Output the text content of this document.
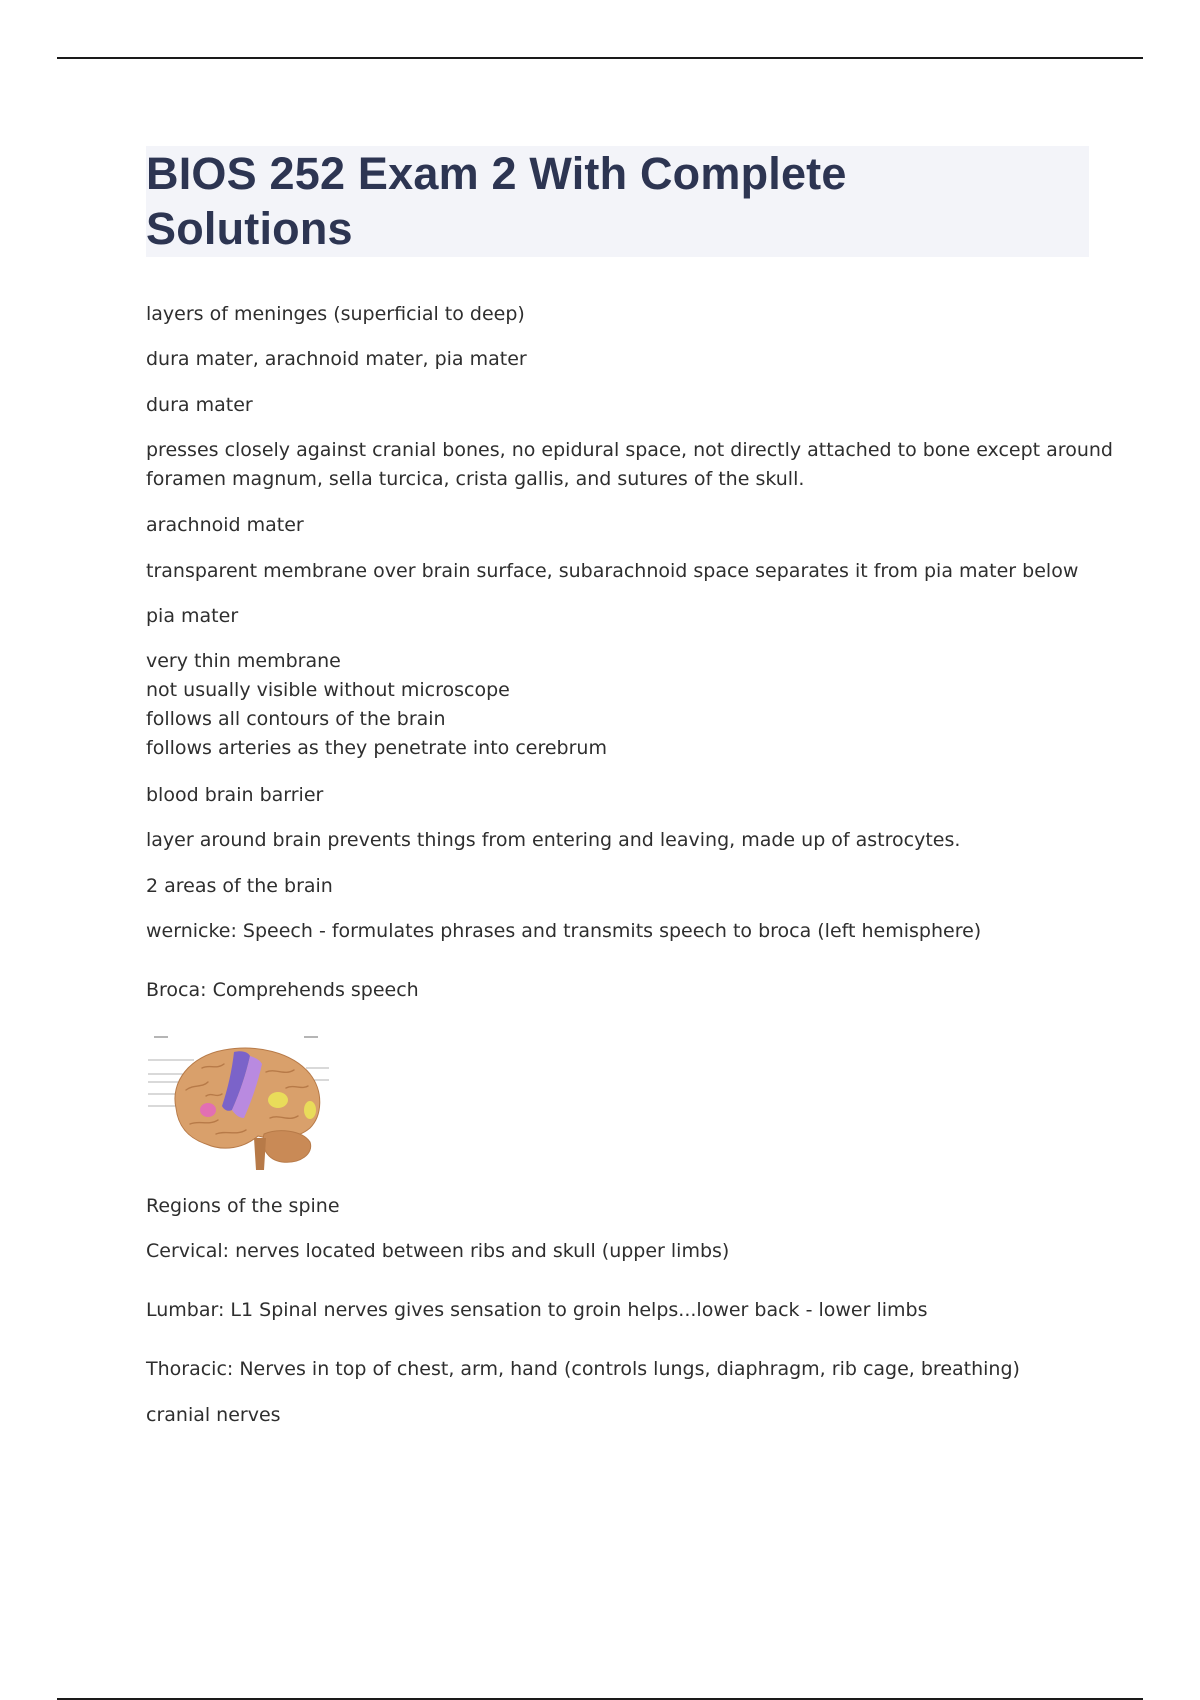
BIOS 252 Exam 2 With Complete
Solutions
layers of meninges (superficial to deep)
dura mater, arachnoid mater, pia mater
dura mater
presses closely against cranial bones, no epidural space, not directly attached to bone except around
foramen magnum, sella turcica, crista gallis, and sutures of the skull.
arachnoid mater
transparent membrane over brain surface, subarachnoid space separates it from pia mater below
pia mater
very thin membrane
not usually visible without microscope
follows all contours of the brain
follows arteries as they penetrate into cerebrum
blood brain barrier
layer around brain prevents things from entering and leaving, made up of astrocytes.
2 areas of the brain
wernicke: Speech - formulates phrases and transmits speech to broca (left hemisphere)
Broca: Comprehends speech
Regions of the spine
Cervical: nerves located between ribs and skull (upper limbs)
Lumbar: L1 Spinal nerves gives sensation to groin helps...lower back - lower limbs
Thoracic: Nerves in top of chest, arm, hand (controls lungs, diaphragm, rib cage, breathing)
cranial nerves
